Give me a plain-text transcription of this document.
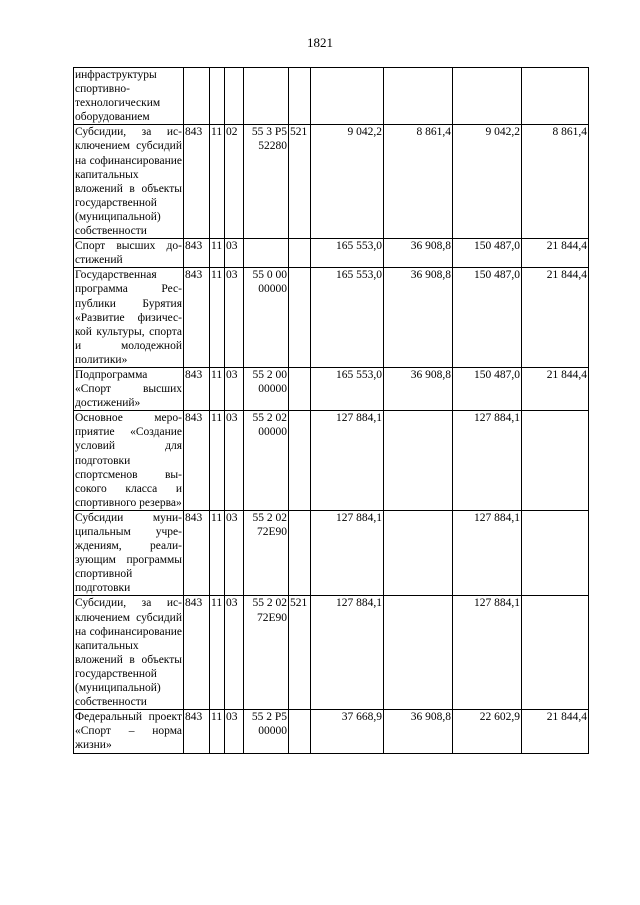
1821
инфраструктуры спортивно-технологическим оборудованием									
Субсидии, за исключением субсидий на софинансирование капитальных вложений в объекты государственной (муниципальной) собственности	843	11	02	55 3 P5 52280	521	9 042,2	8 861,4	9 042,2	8 861,4
Спорт высших достижений	843	11	03			165 553,0	36 908,8	150 487,0	21 844,4
Государственная программа Республики Бурятия «Развитие физической культуры, спорта и молодежной политики»	843	11	03	55 0 00 00000		165 553,0	36 908,8	150 487,0	21 844,4
Подпрограмма «Спорт высших достижений»	843	11	03	55 2 00 00000		165 553,0	36 908,8	150 487,0	21 844,4
Основное мероприятие «Создание условий для подготовки спортсменов высокого класса и спортивного резерва»	843	11	03	55 2 02 00000		127 884,1		127 884,1	
Субсидии муниципальным учреждениям, реализующим программы спортивной подготовки	843	11	03	55 2 02 72Е90		127 884,1		127 884,1	
Субсидии, за исключением субсидий на софинансирование капитальных вложений в объекты государственной (муниципальной) собственности	843	11	03	55 2 02 72Е90	521	127 884,1		127 884,1	
Федеральный проект «Спорт – норма жизни»	843	11	03	55 2 P5 00000		37 668,9	36 908,8	22 602,9	21 844,4
